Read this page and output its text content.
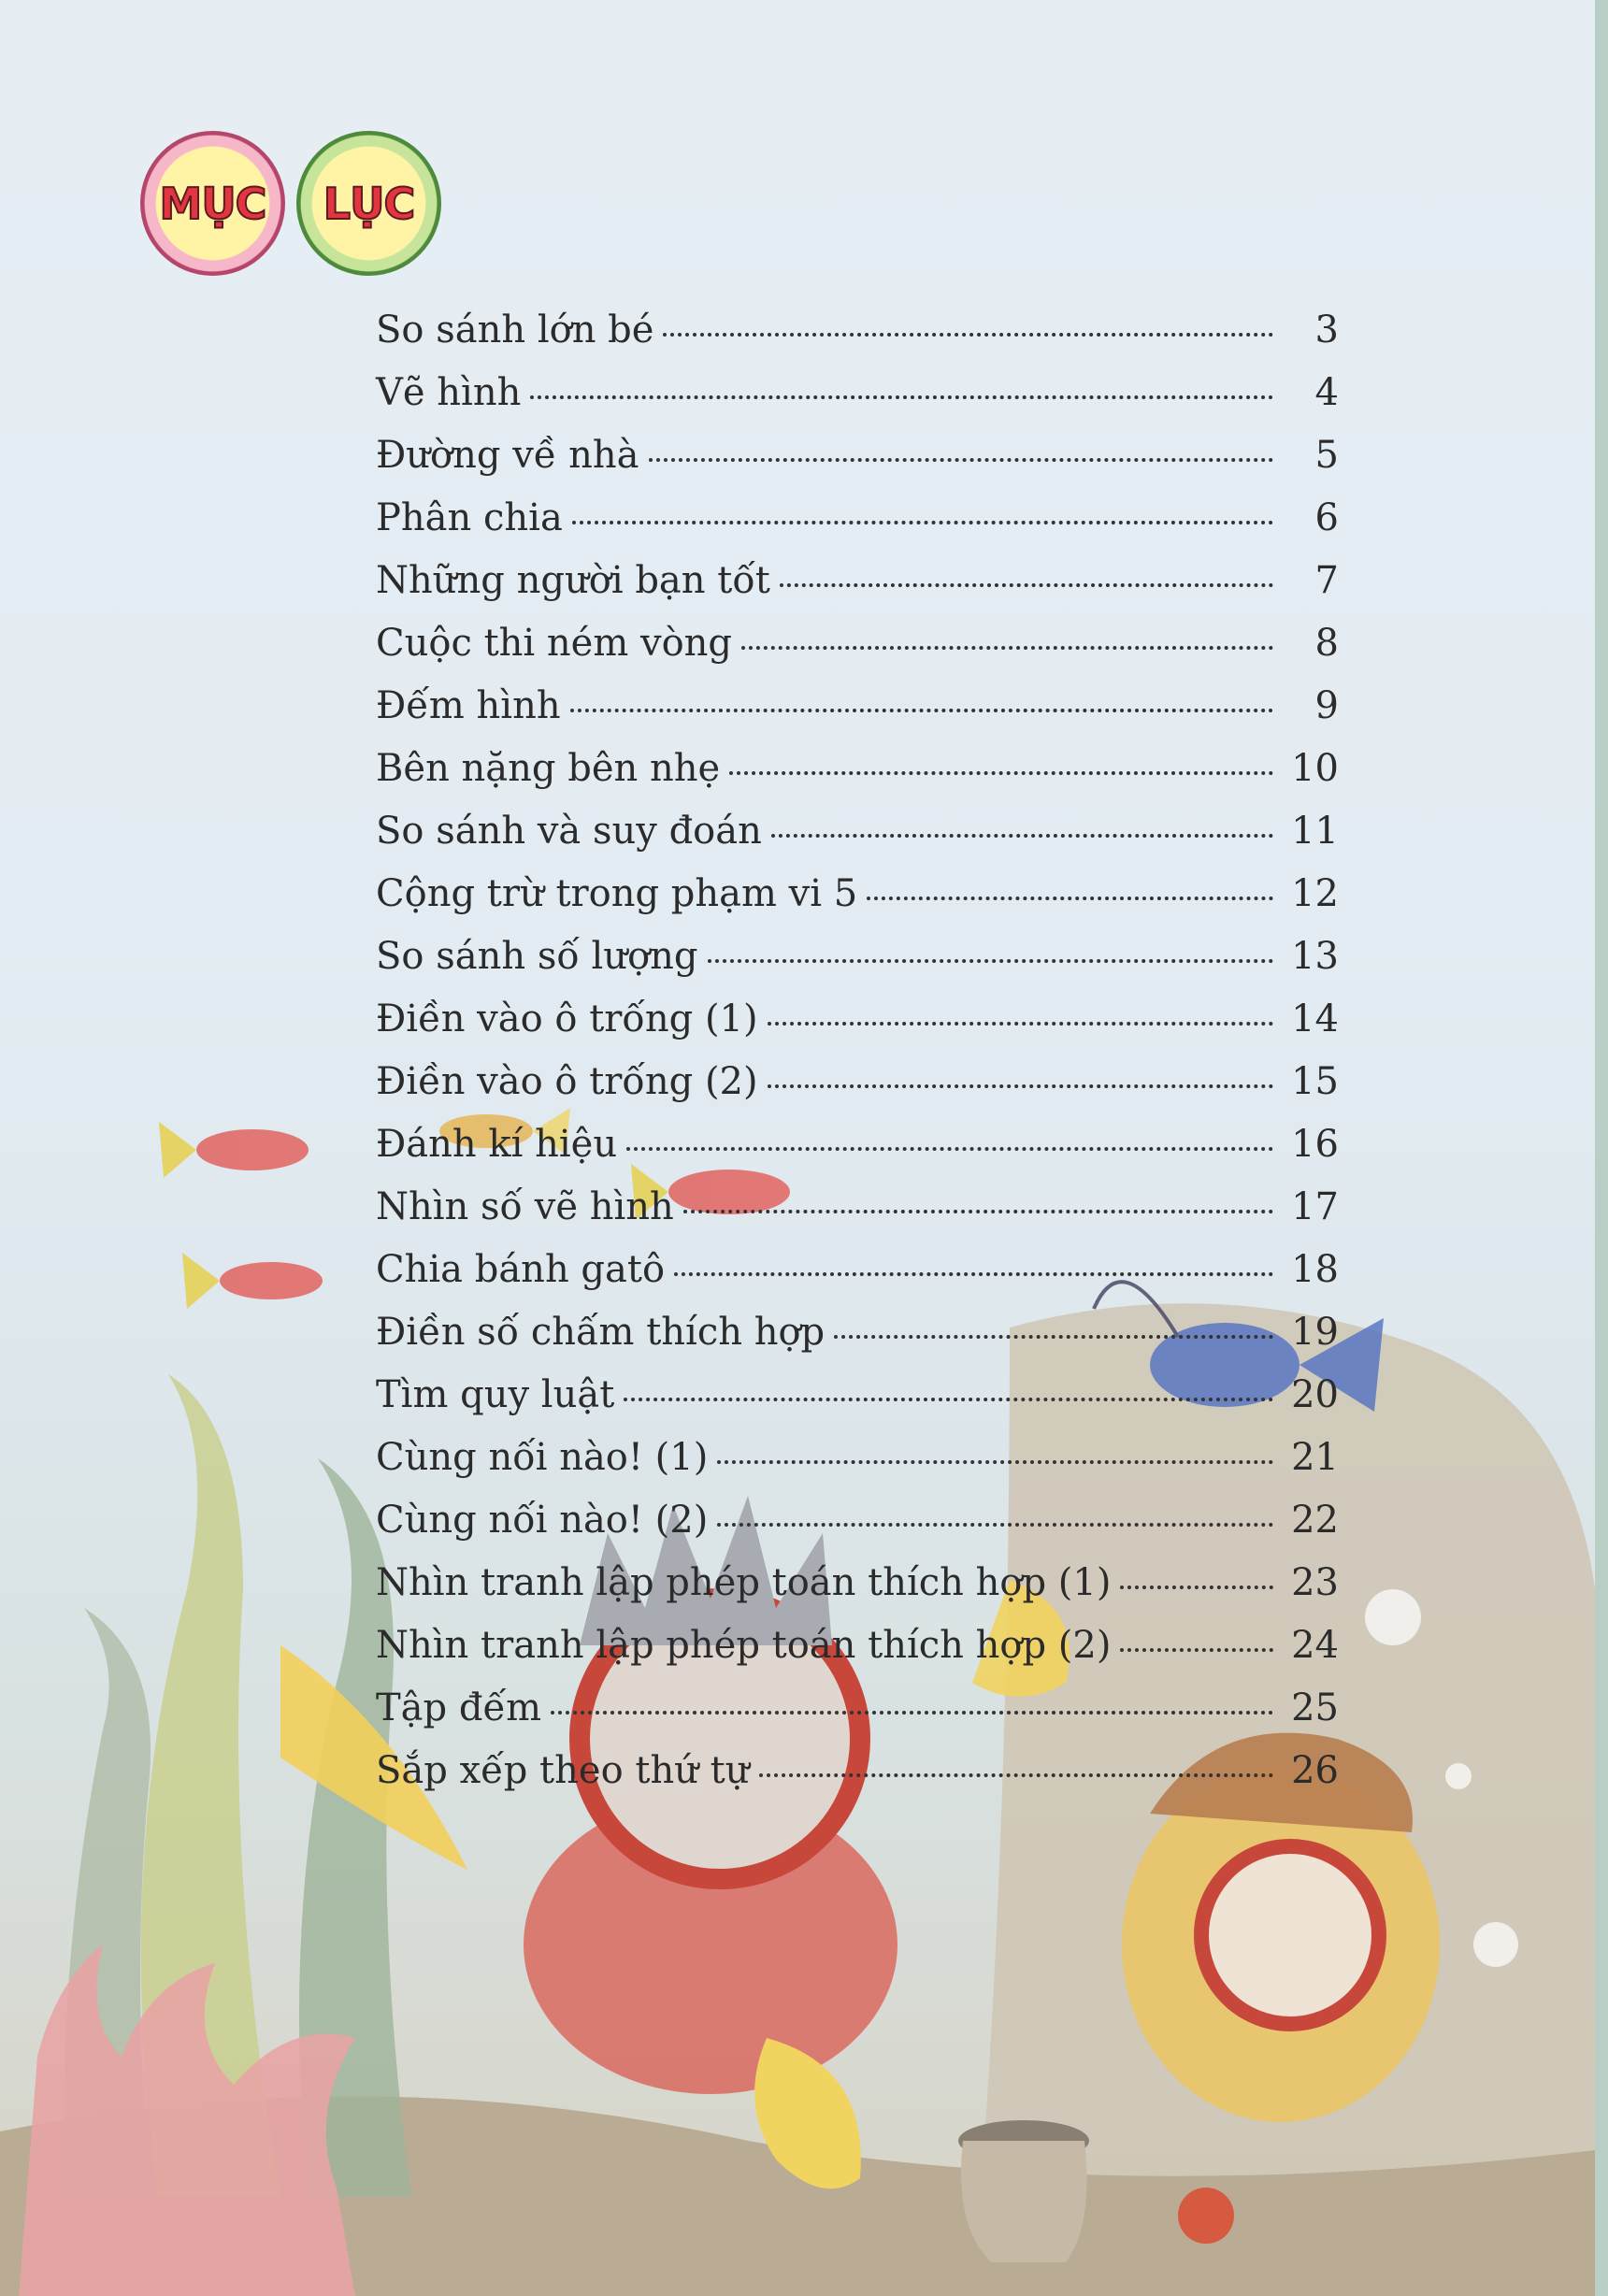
MỤC LỤC
So sánh lớn bé	3
Vẽ hình	4
Đường về nhà	5
Phân chia	6
Những người bạn tốt	7
Cuộc thi ném vòng	8
Đếm hình	9
Bên nặng bên nhẹ	10
So sánh và suy đoán	11
Cộng trừ trong phạm vi 5	12
So sánh số lượng	13
Điền vào ô trống (1)	14
Điền vào ô trống (2)	15
Đánh kí hiệu	16
Nhìn số vẽ hình	17
Chia bánh gatô	18
Điền số chấm thích hợp	19
Tìm quy luật	20
Cùng nối nào! (1)	21
Cùng nối nào! (2)	22
Nhìn tranh lập phép toán thích hợp (1)	23
Nhìn tranh lập phép toán thích hợp (2)	24
Tập đếm	25
Sắp xếp theo thứ tự	26
